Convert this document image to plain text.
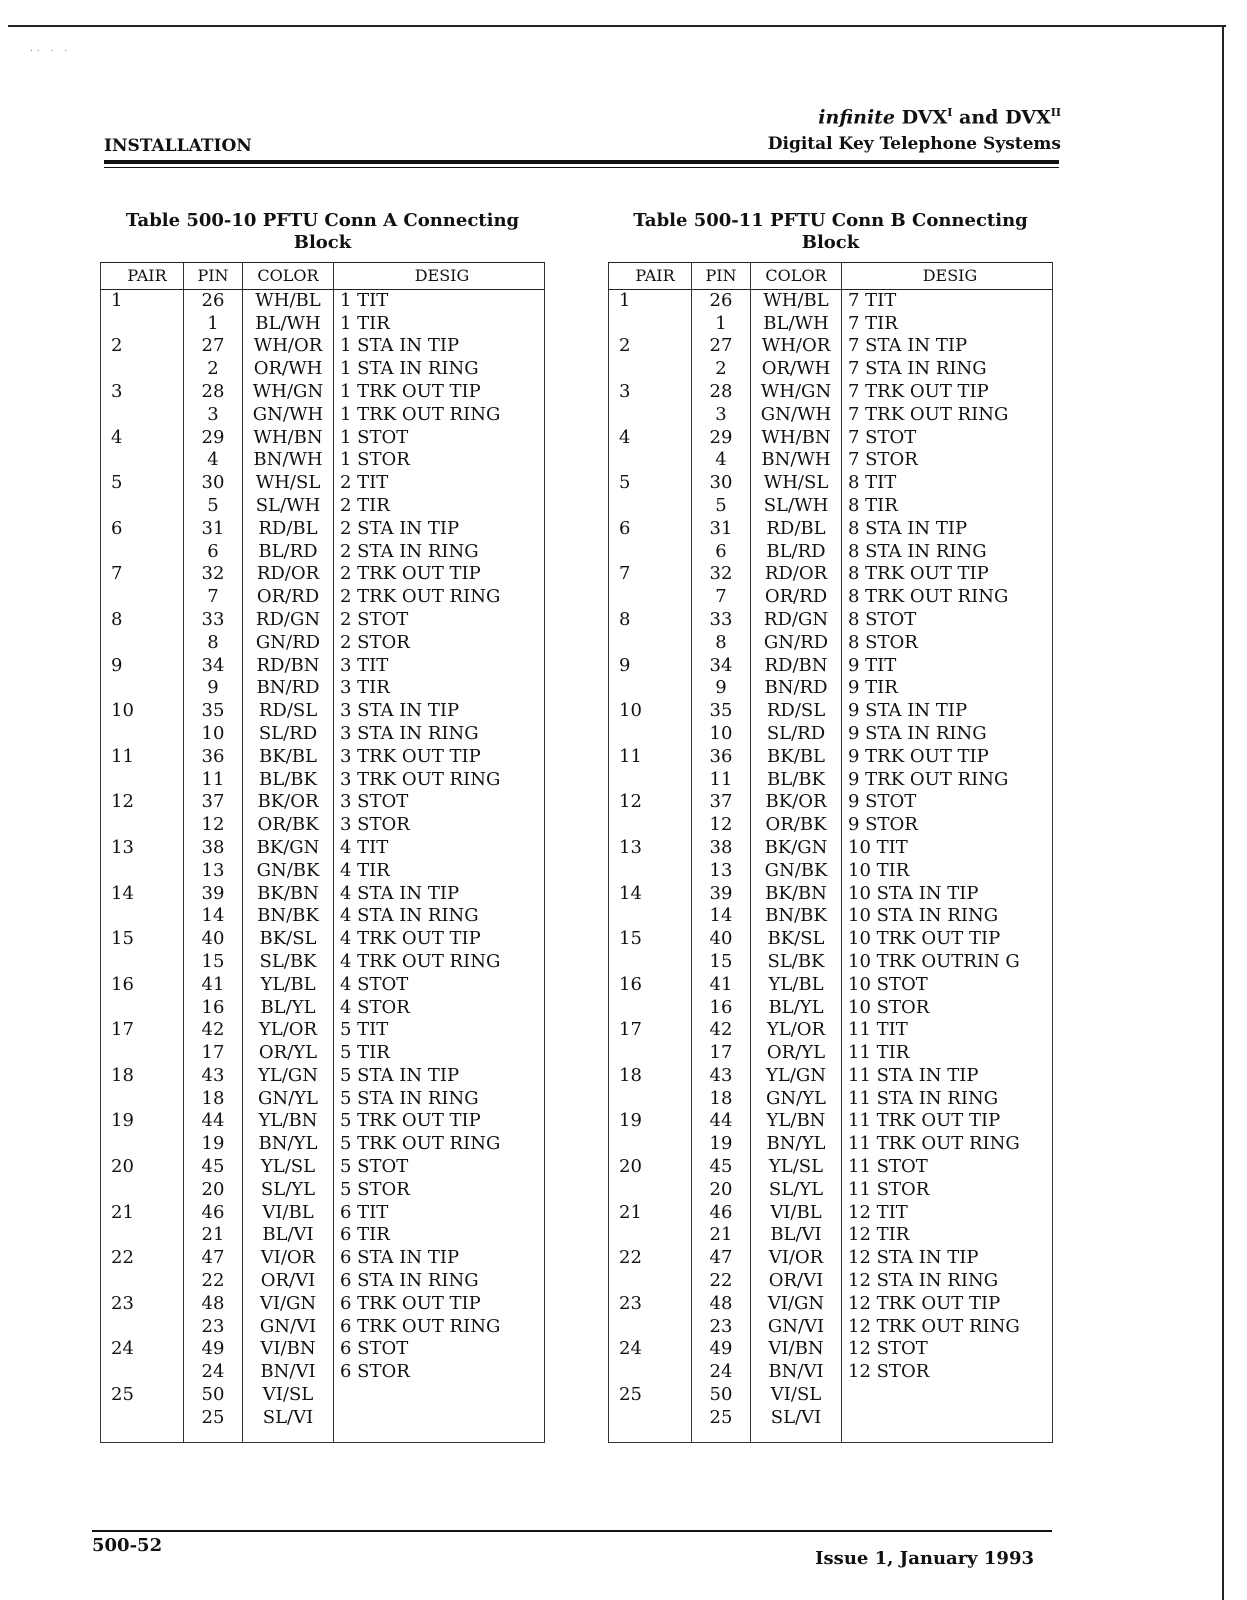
.. . .
infinite $DVX^I$ and $DVX^{II}$
Digital Key Telephone Systems
INSTALLATION
Table 500-10 PFTU Conn A Connecting Block
PAIR	PIN	COLOR	DESIG
1	26	WH/BL	1 TIT
	1	BL/WH	1 TIR
2	27	WH/OR	1 STA IN TIP
	2	OR/WH	1 STA IN RING
3	28	WH/GN	1 TRK OUT TIP
	3	GN/WH	1 TRK OUT RING
4	29	WH/BN	1 STOT
	4	BN/WH	1 STOR
5	30	WH/SL	2 TIT
	5	SL/WH	2 TIR
6	31	RD/BL	2 STA IN TIP
	6	BL/RD	2 STA IN RING
7	32	RD/OR	2 TRK OUT TIP
	7	OR/RD	2 TRK OUT RING
8	33	RD/GN	2 STOT
	8	GN/RD	2 STOR
9	34	RD/BN	3 TIT
	9	BN/RD	3 TIR
10	35	RD/SL	3 STA IN TIP
	10	SL/RD	3 STA IN RING
11	36	BK/BL	3 TRK OUT TIP
	11	BL/BK	3 TRK OUT RING
12	37	BK/OR	3 STOT
	12	OR/BK	3 STOR
13	38	BK/GN	4 TIT
	13	GN/BK	4 TIR
14	39	BK/BN	4 STA IN TIP
	14	BN/BK	4 STA IN RING
15	40	BK/SL	4 TRK OUT TIP
	15	SL/BK	4 TRK OUT RING
16	41	YL/BL	4 STOT
	16	BL/YL	4 STOR
17	42	YL/OR	5 TIT
	17	OR/YL	5 TIR
18	43	YL/GN	5 STA IN TIP
	18	GN/YL	5 STA IN RING
19	44	YL/BN	5 TRK OUT TIP
	19	BN/YL	5 TRK OUT RING
20	45	YL/SL	5 STOT
	20	SL/YL	5 STOR
21	46	VI/BL	6 TIT
	21	BL/VI	6 TIR
22	47	VI/OR	6 STA IN TIP
	22	OR/VI	6 STA IN RING
23	48	VI/GN	6 TRK OUT TIP
	23	GN/VI	6 TRK OUT RING
24	49	VI/BN	6 STOT
	24	BN/VI	6 STOR
25	50	VI/SL	
	25	SL/VI	

Table 500-11 PFTU Conn B Connecting Block
PAIR	PIN	COLOR	DESIG
1	26	WH/BL	7 TIT
	1	BL/WH	7 TIR
2	27	WH/OR	7 STA IN TIP
	2	OR/WH	7 STA IN RING
3	28	WH/GN	7 TRK OUT TIP
	3	GN/WH	7 TRK OUT RING
4	29	WH/BN	7 STOT
	4	BN/WH	7 STOR
5	30	WH/SL	8 TIT
	5	SL/WH	8 TIR
6	31	RD/BL	8 STA IN TIP
	6	BL/RD	8 STA IN RING
7	32	RD/OR	8 TRK OUT TIP
	7	OR/RD	8 TRK OUT RING
8	33	RD/GN	8 STOT
	8	GN/RD	8 STOR
9	34	RD/BN	9 TIT
	9	BN/RD	9 TIR
10	35	RD/SL	9 STA IN TIP
	10	SL/RD	9 STA IN RING
11	36	BK/BL	9 TRK OUT TIP
	11	BL/BK	9 TRK OUT RING
12	37	BK/OR	9 STOT
	12	OR/BK	9 STOR
13	38	BK/GN	10 TIT
	13	GN/BK	10 TIR
14	39	BK/BN	10 STA IN TIP
	14	BN/BK	10 STA IN RING
15	40	BK/SL	10 TRK OUT TIP
	15	SL/BK	10 TRK OUTRIN G
16	41	YL/BL	10 STOT
	16	BL/YL	10 STOR
17	42	YL/OR	11 TIT
	17	OR/YL	11 TIR
18	43	YL/GN	11 STA IN TIP
	18	GN/YL	11 STA IN RING
19	44	YL/BN	11 TRK OUT TIP
	19	BN/YL	11 TRK OUT RING
20	45	YL/SL	11 STOT
	20	SL/YL	11 STOR
21	46	VI/BL	12 TIT
	21	BL/VI	12 TIR
22	47	VI/OR	12 STA IN TIP
	22	OR/VI	12 STA IN RING
23	48	VI/GN	12 TRK OUT TIP
	23	GN/VI	12 TRK OUT RING
24	49	VI/BN	12 STOT
	24	BN/VI	12 STOR
25	50	VI/SL	
	25	SL/VI	

500-52
Issue 1, January 1993
